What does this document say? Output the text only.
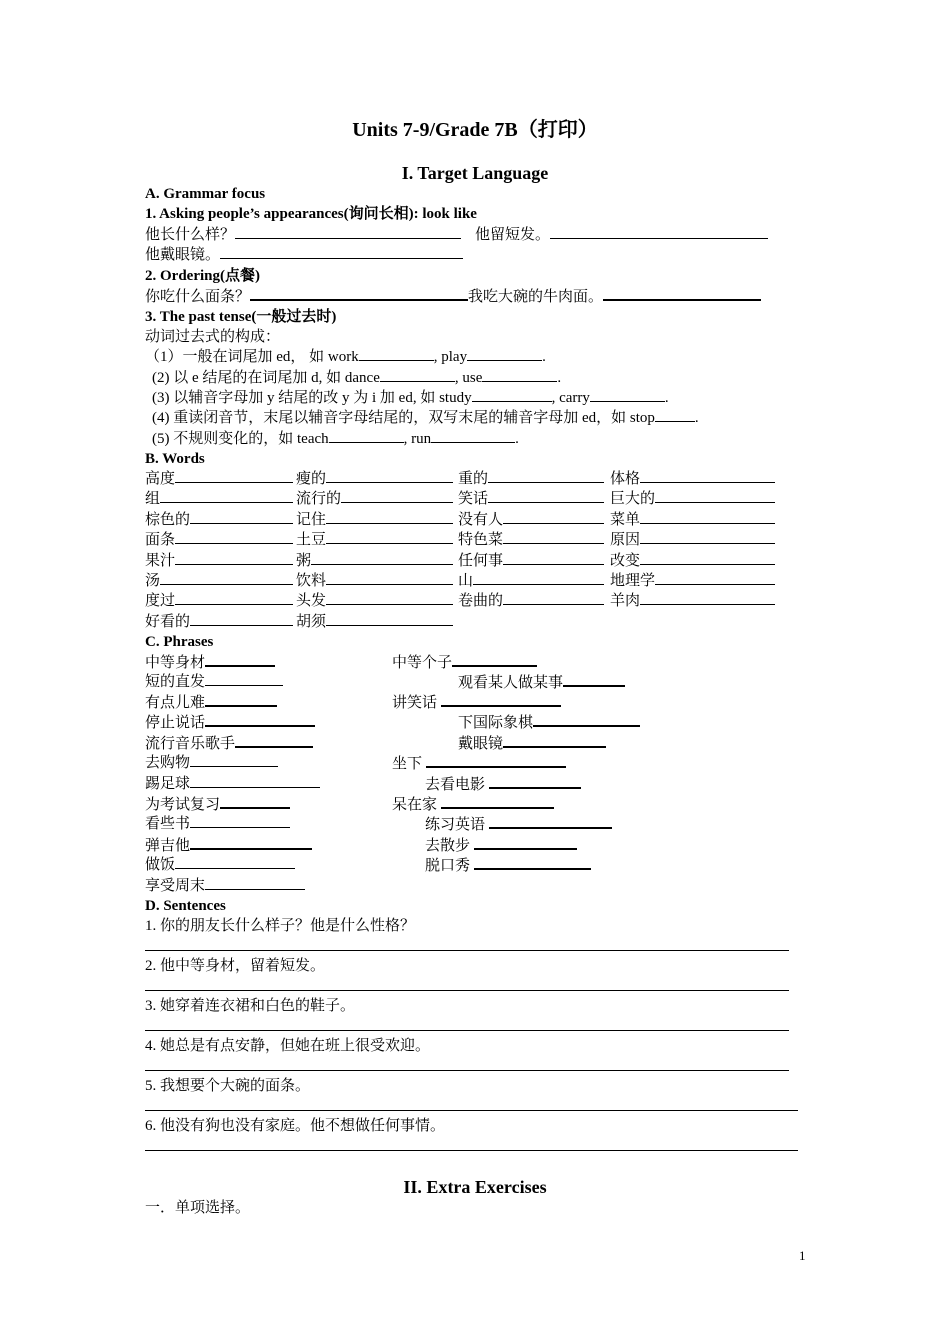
Units 7-9/Grade 7B（打印）
I. Target Language
A. Grammar focus
1. Asking people’s appearances(询问长相): look like
他长什么样？	他留短发。
他戴眼镜。
2. Ordering(点餐)
你吃什么面条？	我吃大碗的牛肉面。
3. The past tense(一般过去时)
动词过去式的构成：
（1）一般在词尾加 ed， 如 work	, play	.
(2) 以 e 结尾的在词尾加 d, 如 dance	, use	.
(3) 以辅音字母加 y 结尾的改 y 为 i 加 ed, 如 study	, carry	.
(4) 重读闭音节，末尾以辅音字母结尾的，双写末尾的辅音字母加 ed，如 stop	.
(5) 不规则变化的，如 teach	, run	.
B. Words
C. Phrases
D. Sentences
II. Extra Exercises
一．单项选择。
1
高度	瘦的	重的	体格
组	流行的	笑话	巨大的
棕色的	记住	没有人	菜单
面条	土豆	特色菜	原因
果汁	粥	任何事	改变
汤	饮料	山	地理学
度过	头发	卷曲的	羊肉
好看的	胡须
中等身材	中等个子
短的直发	观看某人做某事
有点儿难	讲笑话
停止说话	下国际象棋
流行音乐歌手	戴眼镜
去购物	坐下
踢足球	去看电影
为考试复习	呆在家
看些书	练习英语
弹吉他	去散步
做饭	脱口秀
享受周末
1. 你的朋友长什么样子？他是什么性格？
2. 他中等身材，留着短发。
3. 她穿着连衣裙和白色的鞋子。
4. 她总是有点安静，但她在班上很受欢迎。
5. 我想要个大碗的面条。
6. 他没有狗也没有家庭。他不想做任何事情。
